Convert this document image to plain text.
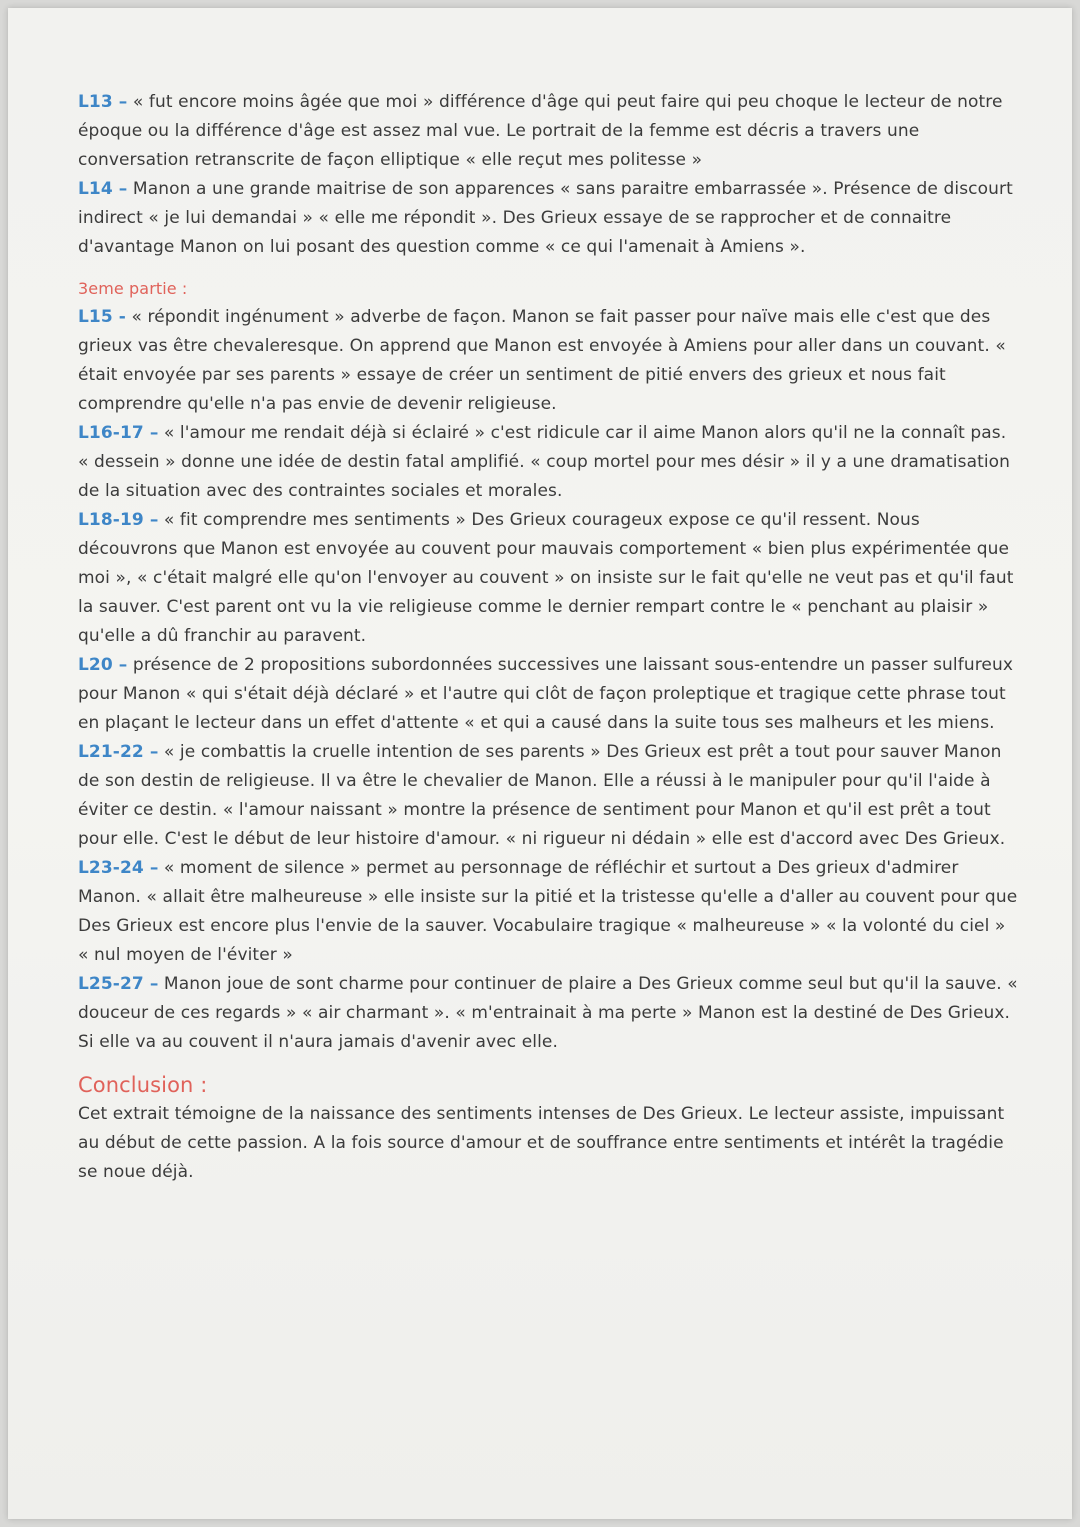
L13 – « fut encore moins âgée que moi » différence d'âge qui peut faire qui peu choque le lecteur de notre époque ou la différence d'âge est assez mal vue. Le portrait de la femme est décris a travers une conversation retranscrite de façon elliptique « elle reçut mes politesse »

L14 – Manon a une grande maitrise de son apparences « sans paraitre embarrassée ». Présence de discourt indirect « je lui demandai » « elle me répondit ». Des Grieux essaye de se rapprocher et de connaitre d'avantage Manon on lui posant des question comme « ce qui l'amenait à Amiens ».

3eme partie :

L15 - « répondit ingénument » adverbe de façon. Manon se fait passer pour naïve mais elle c'est que des grieux vas être chevaleresque. On apprend que Manon est envoyée à Amiens pour aller dans un couvant. « était envoyée par ses parents » essaye de créer un sentiment de pitié envers des grieux et nous fait comprendre qu'elle n'a pas envie de devenir religieuse.

L16-17 – « l'amour me rendait déjà si éclairé » c'est ridicule car il aime Manon alors qu'il ne la connaît pas. « dessein » donne une idée de destin fatal amplifié. « coup mortel pour mes désir » il y a une dramatisation de la situation avec des contraintes sociales et morales.

L18-19 – « fit comprendre mes sentiments » Des Grieux courageux expose ce qu'il ressent. Nous découvrons que Manon est envoyée au couvent pour mauvais comportement « bien plus expérimentée que moi », « c'était malgré elle qu'on l'envoyer au couvent » on insiste sur le fait qu'elle ne veut pas et qu'il faut la sauver. C'est parent ont vu la vie religieuse comme le dernier rempart contre le « penchant au plaisir » qu'elle a dû franchir au paravent.

L20 – présence de 2 propositions subordonnées successives une laissant sous-entendre un passer sulfureux pour Manon « qui s'était déjà déclaré » et l'autre qui clôt de façon proleptique et tragique cette phrase tout en plaçant le lecteur dans un effet d'attente « et qui a causé dans la suite tous ses malheurs et les miens.

L21-22 – « je combattis la cruelle intention de ses parents » Des Grieux est prêt a tout pour sauver Manon de son destin de religieuse. Il va être le chevalier de Manon. Elle a réussi à le manipuler pour qu'il l'aide à éviter ce destin. « l'amour naissant » montre la présence de sentiment pour Manon et qu'il est prêt a tout pour elle. C'est le début de leur histoire d'amour. « ni rigueur ni dédain » elle est d'accord avec Des Grieux.

L23-24 – « moment de silence » permet au personnage de réfléchir et surtout a Des grieux d'admirer Manon. « allait être malheureuse » elle insiste sur la pitié et la tristesse qu'elle a d'aller au couvent pour que Des Grieux est encore plus l'envie de la sauver. Vocabulaire tragique « malheureuse » « la volonté du ciel » « nul moyen de l'éviter »

L25-27 – Manon joue de sont charme pour continuer de plaire a Des Grieux comme seul but qu'il la sauve. « douceur de ces regards » « air charmant ». « m'entrainait à ma perte » Manon est la destiné de Des Grieux. Si elle va au couvent il n'aura jamais d'avenir avec elle.

Conclusion :

Cet extrait témoigne de la naissance des sentiments intenses de Des Grieux. Le lecteur assiste, impuissant au début de cette passion. A la fois source d'amour et de souffrance entre sentiments et intérêt la tragédie se noue déjà.
